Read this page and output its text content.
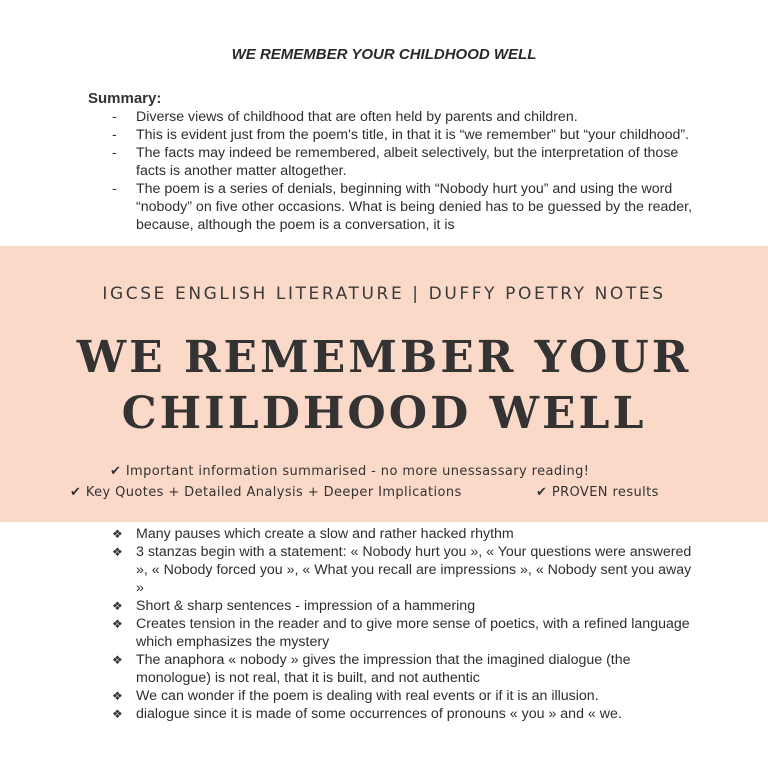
WE REMEMBER YOUR CHILDHOOD WELL
Summary:
-	Diverse views of childhood that are often held by parents and children.
-	This is evident just from the poem's title, in that it is “we remember” but “your childhood”.
-	The facts may indeed be remembered, albeit selectively, but the interpretation of those facts is another matter altogether.
-	The poem is a series of denials, beginning with “Nobody hurt you” and using the word “nobody” on five other occasions. What is being denied has to be guessed by the reader, because, although the poem is a conversation, it is
❖ Many pauses which create a slow and rather hacked rhythm
❖ 3 stanzas begin with a statement: « Nobody hurt you », « Your questions were answered », « Nobody forced you », « What you recall are impressions », « Nobody sent you away »
❖ Short & sharp sentences - impression of a hammering
❖ Creates tension in the reader and to give more sense of poetics, with a refined language which emphasizes the mystery
❖ The anaphora « nobody » gives the impression that the imagined dialogue (the monologue) is not real, that it is built, and not authentic
❖ We can wonder if the poem is dealing with real events or if it is an illusion.
❖ dialogue since it is made of some occurrences of pronouns « you » and « we.
IGCSE ENGLISH LITERATURE | DUFFY POETRY NOTES
WE REMEMBER YOUR
CHILDHOOD WELL
✔ Important information summarised - no more unessassary reading!
✔ Key Quotes + Detailed Analysis + Deeper Implications	✔ PROVEN results
